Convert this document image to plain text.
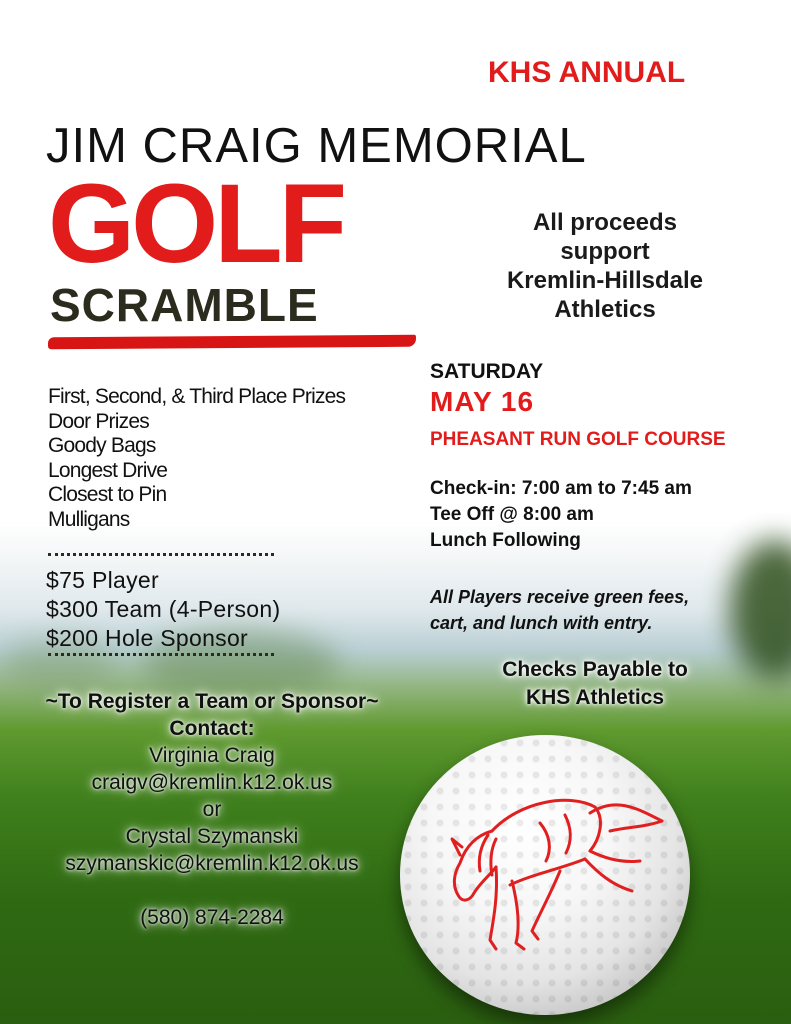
KHS ANNUAL

JIM CRAIG MEMORIAL

GOLF

SCRAMBLE

All proceeds
support
Kremlin-Hillsdale
Athletics
First, Second, & Third Place Prizes
Door Prizes
Goody Bags
Longest Drive
Closest to Pin
Mulligans
$75 Player
$300 Team (4-Person)
$200 Hole Sponsor

SATURDAY

MAY 16

PHEASANT RUN GOLF COURSE

Check-in: 7:00 am to 7:45 am
Tee Off @ 8:00 am
Lunch Following
All Players receive green fees,
cart, and lunch with entry.
Checks Payable to
KHS Athletics
~To Register a Team or Sponsor~
Contact:
Virginia Craig
craigv@kremlin.k12.ok.us
or
Crystal Szymanski
szymanskic@kremlin.k12.ok.us
(580) 874-2284
